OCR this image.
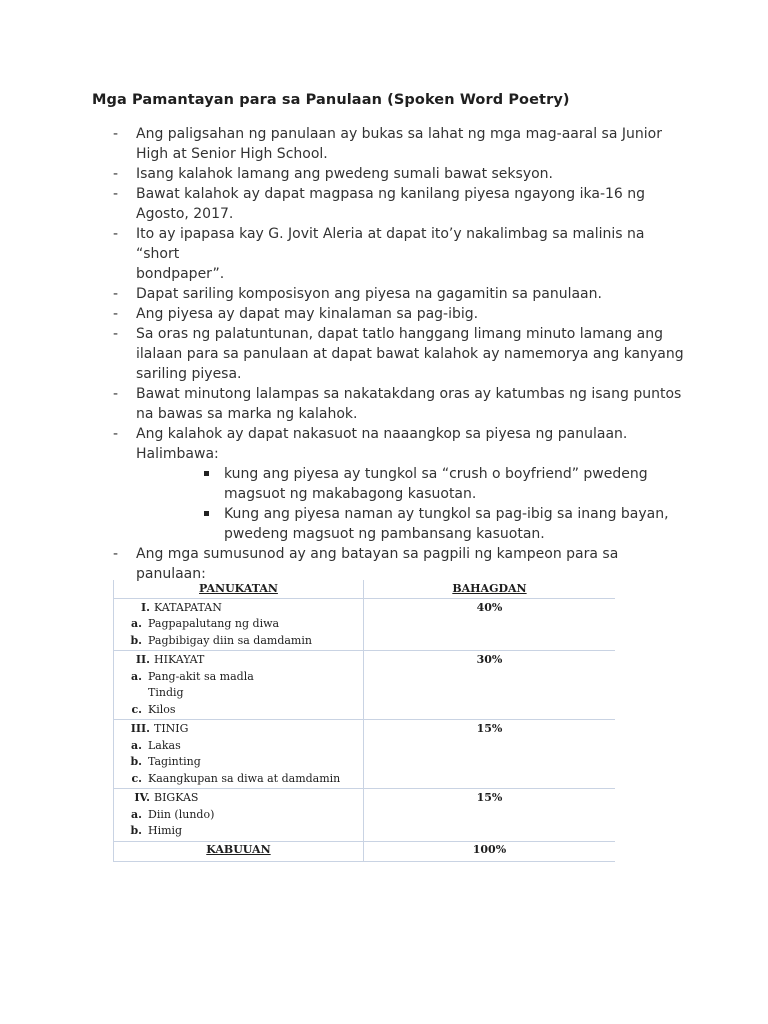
Mga Pamantayan para sa Panulaan (Spoken Word Poetry)
- Ang paligsahan ng panulaan ay bukas sa lahat ng mga mag-aaral sa Junior
High at Senior High School.
- Isang kalahok lamang ang pwedeng sumali bawat seksyon.
- Bawat kalahok ay dapat magpasa ng kanilang piyesa ngayong ika-16 ng
Agosto, 2017.
- Ito ay ipapasa kay G. Jovit Aleria at dapat ito’y nakalimbag sa malinis na “short
bondpaper”.
- Dapat sariling komposisyon ang piyesa na gagamitin sa panulaan.
- Ang piyesa ay dapat may kinalaman sa pag-ibig.
- Sa oras ng palatuntunan, dapat tatlo hanggang limang minuto lamang ang
ilalaan para sa panulaan at dapat bawat kalahok ay namemorya ang kanyang
sariling piyesa.
- Bawat minutong lalampas sa nakatakdang oras ay katumbas ng isang puntos
na bawas sa marka ng kalahok.
- Ang kalahok ay dapat nakasuot na naaangkop sa piyesa ng panulaan.
Halimbawa:
kung ang piyesa ay tungkol sa “crush o boyfriend” pwedeng
magsuot ng makabagong kasuotan.
Kung ang piyesa naman ay tungkol sa pag-ibig sa inang bayan,
pwedeng magsuot ng pambansang kasuotan.
- Ang mga sumusunod ay ang batayan sa pagpili ng kampeon para sa
panulaan:
PANUKATAN	BAHAGDAN

I. KATAPATAN
a. Pagpapalutang ng diwa
b. Pagbibigay diin sa damdamin	40%

II. HIKAYAT
a. Pang-akit sa madla
Tindig
c. Kilos	30%

III. TINIG
a. Lakas
b. Taginting
c. Kaangkupan sa diwa at damdamin	15%

IV. BIGKAS
a. Diin (lundo)
b. Himig	15%

KABUUAN	100%
